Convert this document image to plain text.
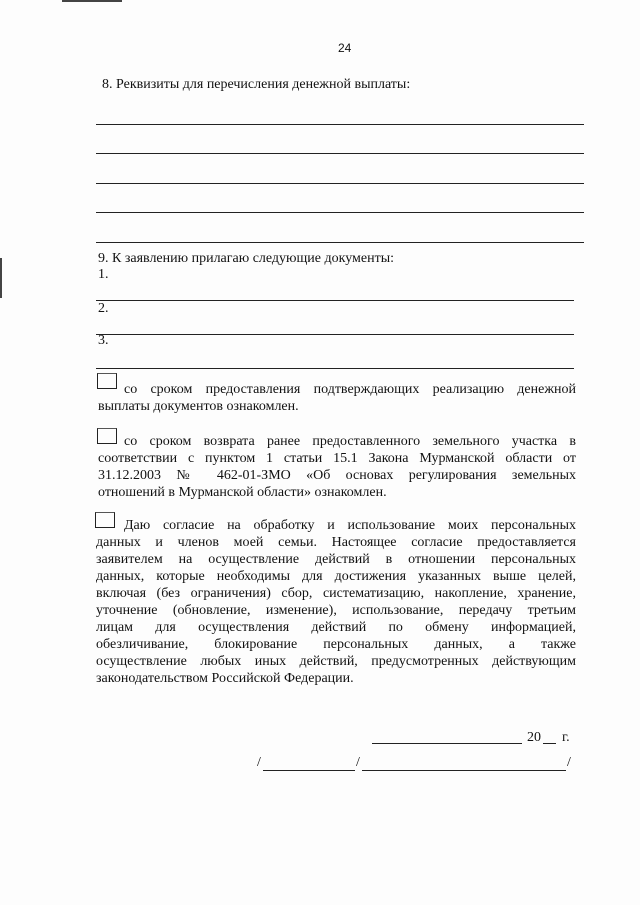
24
8. Реквизиты для перечисления денежной выплаты:
9. К заявлению прилагаю следующие документы:
1.
2.
3.
со сроком предоставления подтверждающих реализацию денежной
выплаты документов ознакомлен.
со сроком возврата ранее предоставленного земельного участка в
соответствии с пунктом 1 статьи 15.1 Закона Мурманской области от
31.12.2003 № 462-01-ЗМО «Об основах регулирования земельных
отношений в Мурманской области» ознакомлен.
Даю согласие на обработку и использование моих персональных
данных и членов моей семьи. Настоящее согласие предоставляется
заявителем на осуществление действий в отношении персональных
данных, которые необходимы для достижения указанных выше целей,
включая (без ограничения) сбор, систематизацию, накопление, хранение,
уточнение (обновление, изменение), использование, передачу третьим
лицам для осуществления действий по обмену информацией,
обезличивание, блокирование персональных данных, а также
осуществление любых иных действий, предусмотренных действующим
законодательством Российской Федерации.
20 г.
/	/	/
